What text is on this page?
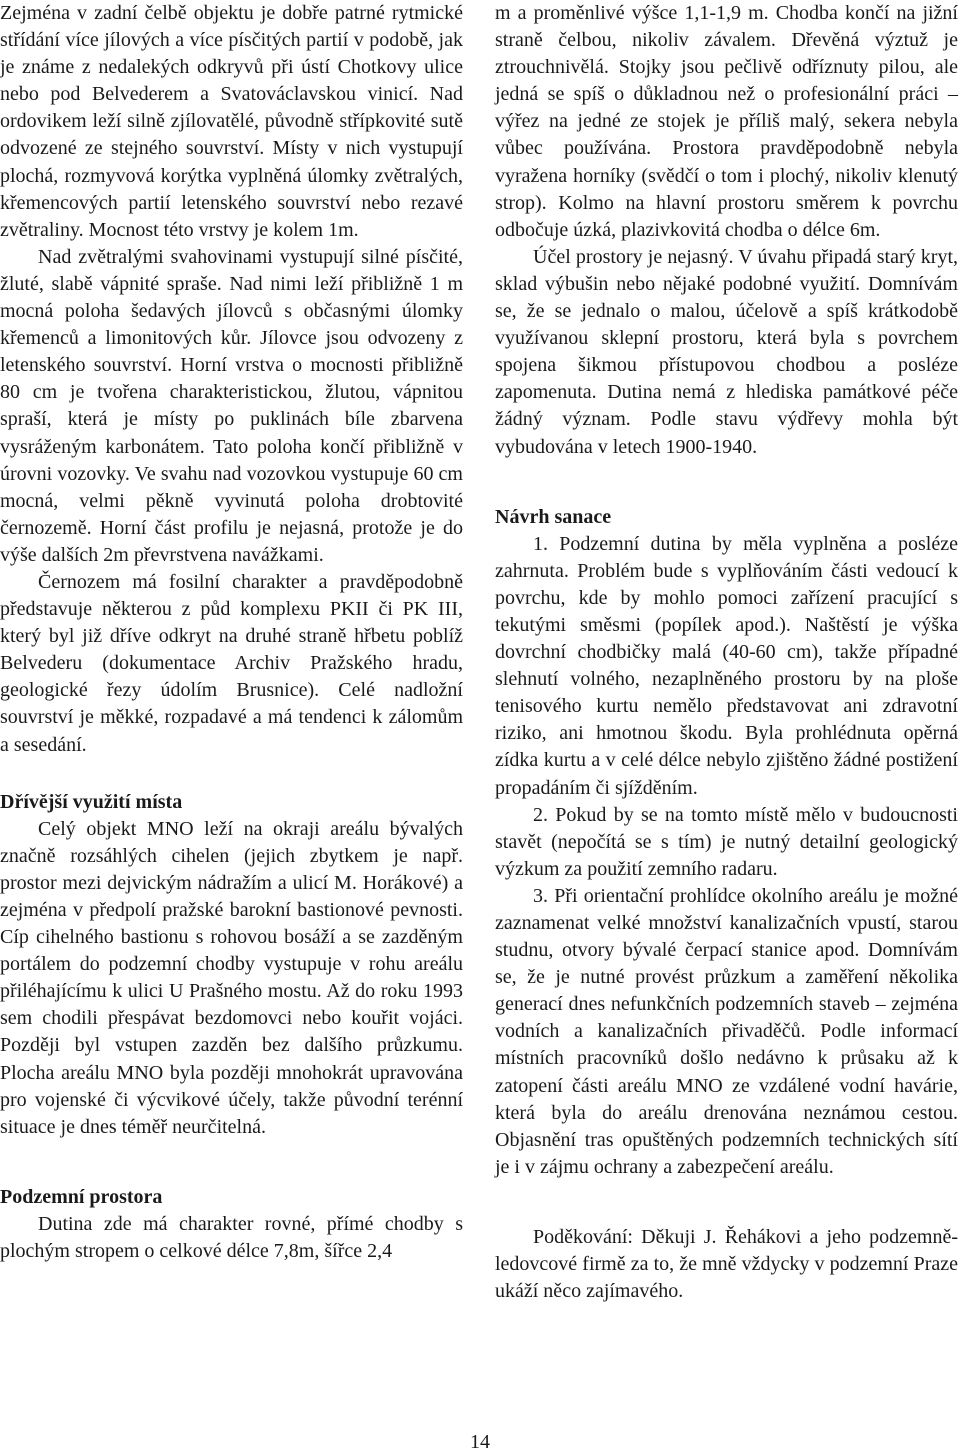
Zejména v zadní čelbě objektu je dobře patrné rytmické střídání více jílových a více písčitých partií v podobě, jak je známe z nedalekých odkryvů při ústí Chotkovy ulice nebo pod Belvederem a Svatováclavskou vinicí. Nad ordovikem leží silně zjílovatělé, původně střípkovité sutě odvozené ze stejného souvrství. Místy v nich vystupují plochá, rozmyvová korýtka vyplněná úlomky zvětralých, křemencových partií letenského souvrství nebo rezavé zvětraliny. Mocnost této vrstvy je kolem 1m.

Nad zvětralými svahovinami vystupují silné písčité, žluté, slabě vápnité spraše. Nad nimi leží přibližně 1 m mocná poloha šedavých jílovců s občasnými úlomky křemenců a limonitových kůr. Jílovce jsou odvozeny z letenského souvrství. Horní vrstva o mocnosti přibližně 80 cm je tvořena charakteristickou, žlutou, vápnitou spraší, která je místy po puklinách bíle zbarvena vysráženým karbonátem. Tato poloha končí přibližně v úrovni vozovky. Ve svahu nad vozovkou vystupuje 60 cm mocná, velmi pěkně vyvinutá poloha drobtovité černozemě. Horní část profilu je nejasná, protože je do výše dalších 2m převrstvena navážkami.

Černozem má fosilní charakter a pravděpodobně představuje některou z půd komplexu PKII či PK III, který byl již dříve odkryt na druhé straně hřbetu poblíž Belvederu (dokumentace Archiv Pražského hradu, geologické řezy údolím Brusnice). Celé nadložní souvrství je měkké, rozpadavé a má tendenci k zálomům a sesedání.

Dřívější využití místa

Celý objekt MNO leží na okraji areálu bývalých značně rozsáhlých cihelen (jejich zbytkem je např. prostor mezi dejvickým nádražím a ulicí M. Horákové) a zejména v předpolí pražské barokní bastionové pevnosti. Cíp cihelného bastionu s rohovou bosáží a se zazděným portálem do podzemní chodby vystupuje v rohu areálu přiléhajícímu k ulici U Prašného mostu. Až do roku 1993 sem chodili přespávat bezdomovci nebo kouřit vojáci. Později byl vstupen zazděn bez dalšího průzkumu. Plocha areálu MNO byla později mnohokrát upravována pro vojenské či výcvikové účely, takže původní terénní situace je dnes téměř neurčitelná.

Podzemní prostora

Dutina zde má charakter rovné, přímé chodby s plochým stropem o celkové délce 7,8m, šířce 2,4

m a proměnlivé výšce 1,1-1,9 m. Chodba končí na jižní straně čelbou, nikoliv závalem. Dřevěná výztuž je ztrouchnivělá. Stojky jsou pečlivě odříznuty pilou, ale jedná se spíš o důkladnou než o profesionální práci – výřez na jedné ze stojek je příliš malý, sekera nebyla vůbec používána. Prostora pravděpodobně nebyla vyražena horníky (svědčí o tom i plochý, nikoliv klenutý strop). Kolmo na hlavní prostoru směrem k povrchu odbočuje úzká, plazivkovitá chodba o délce 6m.

Účel prostory je nejasný. V úvahu připadá starý kryt, sklad výbušin nebo nějaké podobné využití. Domnívám se, že se jednalo o malou, účelově a spíš krátkodobě využívanou sklepní prostoru, která byla s povrchem spojena šikmou přístupovou chodbou a posléze zapomenuta. Dutina nemá z hlediska památkové péče žádný význam. Podle stavu výdřevy mohla být vybudována v letech 1900-1940.

Návrh sanace

1. Podzemní dutina by měla vyplněna a posléze zahrnuta. Problém bude s vyplňováním části vedoucí k povrchu, kde by mohlo pomoci zařízení pracující s tekutými směsmi (popílek apod.). Naštěstí je výška dovrchní chodbičky malá (40-60 cm), takže případné slehnutí volného, nezaplněného prostoru by na ploše tenisového kurtu nemělo představovat ani zdravotní riziko, ani hmotnou škodu. Byla prohlédnuta opěrná zídka kurtu a v celé délce nebylo zjištěno žádné postižení propadáním či sjížděním.

2. Pokud by se na tomto místě mělo v budoucnosti stavět (nepočítá se s tím) je nutný detailní geologický výzkum za použití zemního radaru.

3. Při orientační prohlídce okolního areálu je možné zaznamenat velké množství kanalizačních vpustí, starou studnu, otvory bývalé čerpací stanice apod. Domnívám se, že je nutné provést průzkum a zaměření několika generací dnes nefunkčních podzemních staveb – zejména vodních a kanalizačních přivaděčů. Podle informací místních pracovníků došlo nedávno k průsaku až k zatopení části areálu MNO ze vzdálené vodní havárie, která byla do areálu drenována neznámou cestou. Objasnění tras opuštěných podzemních technických sítí je i v zájmu ochrany a zabezpečení areálu.

Poděkování: Děkuji J. Řehákovi a jeho podzemně-ledovcové firmě za to, že mně vždycky v podzemní Praze ukáží něco zajímavého.

14
